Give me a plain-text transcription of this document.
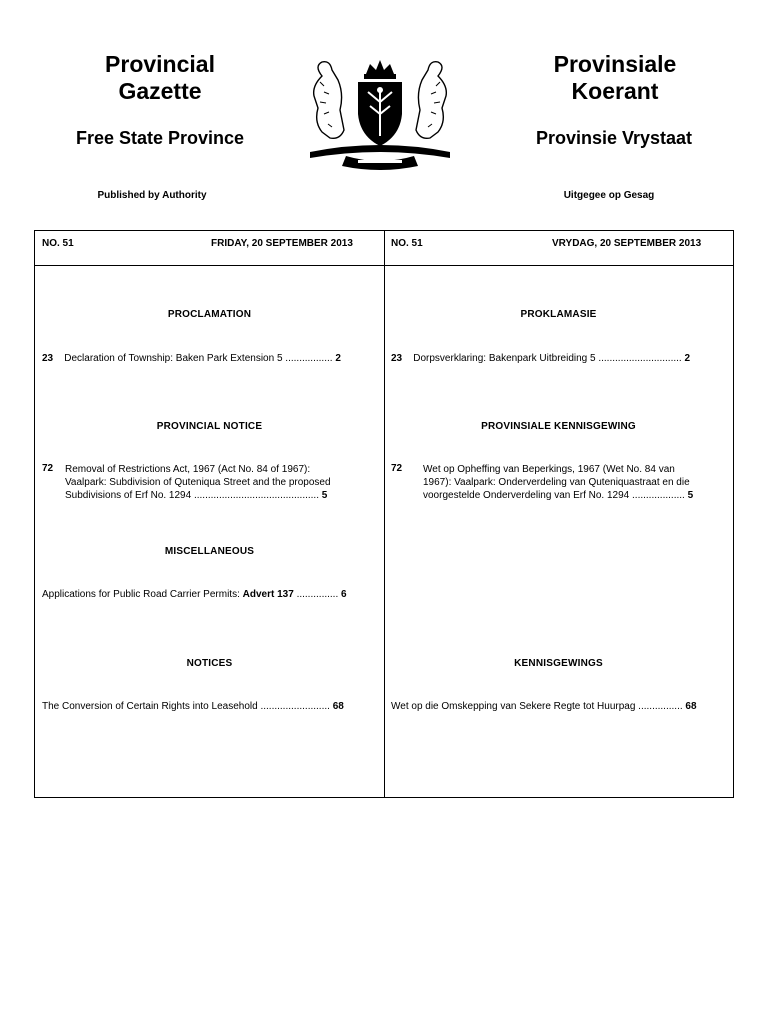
Provincial
Gazette
Free State Province
Published by Authority
Provinsiale
Koerant
Provinsie Vrystaat
Uitgegee op Gesag
NO. 51	FRIDAY, 20 SEPTEMBER 2013	NO. 51	VRYDAG, 20 SEPTEMBER 2013
PROCLAMATION
23 Declaration of Township: Baken Park Extension 5 ................. 2
PROVINCIAL NOTICE
72 Removal of Restrictions Act, 1967 (Act No. 84 of 1967):
Vaalpark: Subdivision of Quteniqua Street and the proposed
Subdivisions of Erf No. 1294 ............................................. 5
MISCELLANEOUS
Applications for Public Road Carrier Permits: Advert 137 ............... 6
NOTICES
The Conversion of Certain Rights into Leasehold ......................... 68
PROKLAMASIE
23 Dorpsverklaring: Bakenpark Uitbreiding 5 .............................. 2
PROVINSIALE KENNISGEWING
72 Wet op Opheffing van Beperkings, 1967 (Wet No. 84 van
1967): Vaalpark: Onderverdeling van Quteniquastraat en die
voorgestelde Onderverdeling van Erf No. 1294 ................... 5
KENNISGEWINGS
Wet op die Omskepping van Sekere Regte tot Huurpag ................ 68
